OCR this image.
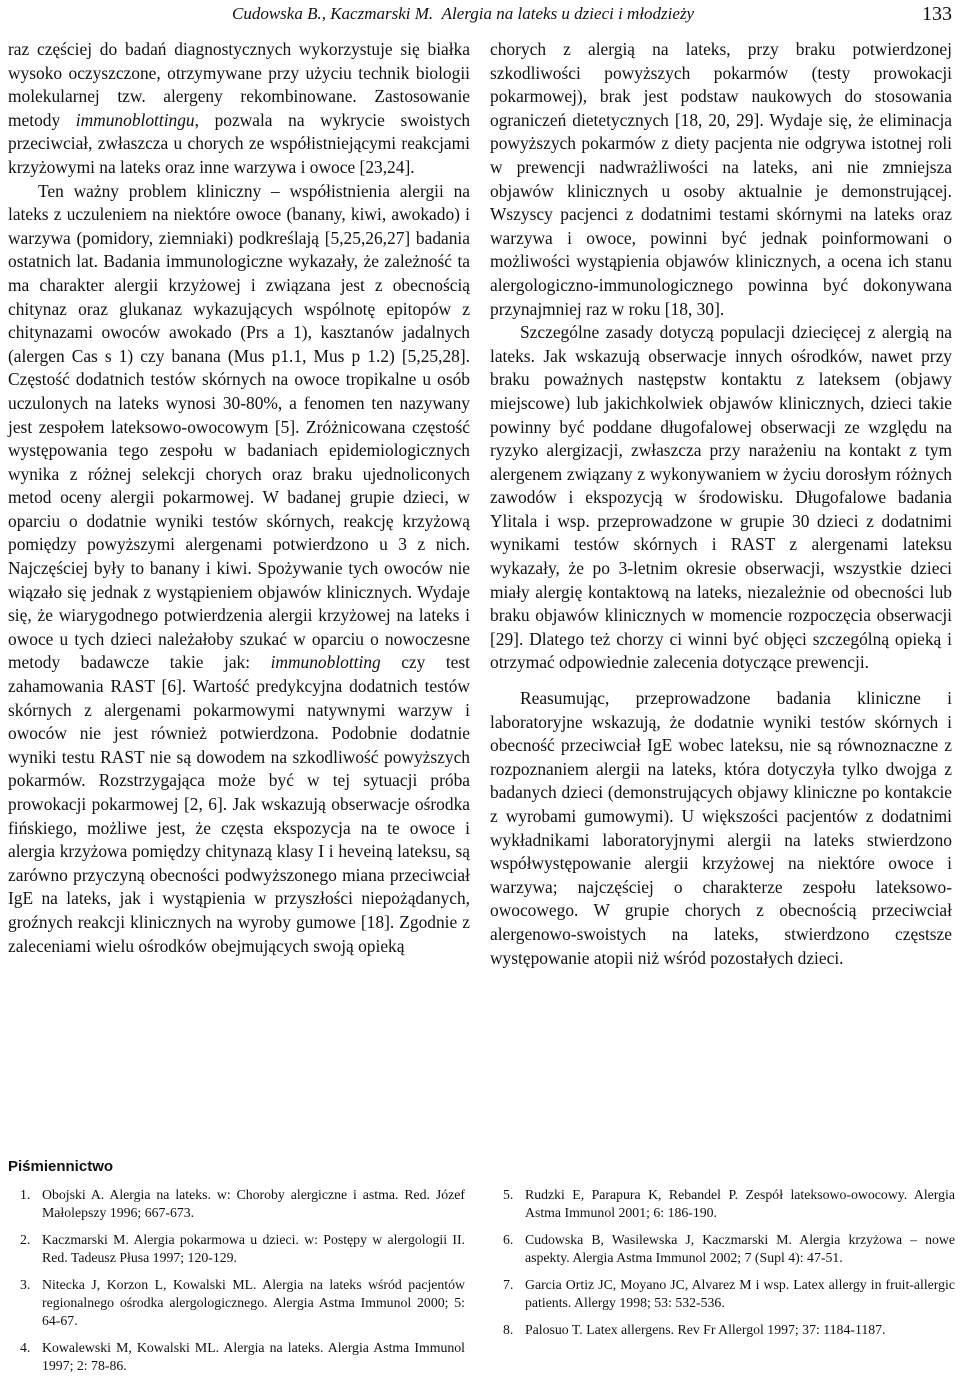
Cudowska B., Kaczmarski M. Alergia na lateks u dzieci i młodzieży	133

raz częściej do badań diagnostycznych wykorzystuje się białka wysoko oczyszczone, otrzymywane przy użyciu technik biologii molekularnej tzw. alergeny rekombinowane. Zastosowanie metody immunoblottingu, pozwala na wykrycie swoistych przeciwciał, zwłaszcza u chorych ze współistniejącymi reakcjami krzyżowymi na lateks oraz inne warzywa i owoce [23,24].

Ten ważny problem kliniczny – współistnienia alergii na lateks z uczuleniem na niektóre owoce (banany, kiwi, awokado) i warzywa (pomidory, ziemniaki) podkreślają [5,25,26,27] badania ostatnich lat. Badania immunologiczne wykazały, że zależność ta ma charakter alergii krzyżowej i związana jest z obecnością chitynaz oraz glukanaz wykazujących wspólnotę epitopów z chitynazami owoców awokado (Prs a 1), kasztanów jadalnych (alergen Cas s 1) czy banana (Mus p1.1, Mus p 1.2) [5,25,28]. Częstość dodatnich testów skórnych na owoce tropikalne u osób uczulonych na lateks wynosi 30-80%, a fenomen ten nazywany jest zespołem lateksowo-owocowym [5]. Zróżnicowana częstość występowania tego zespołu w badaniach epidemiologicznych wynika z różnej selekcji chorych oraz braku ujednoliconych metod oceny alergii pokarmowej. W badanej grupie dzieci, w oparciu o dodatnie wyniki testów skórnych, reakcję krzyżową pomiędzy powyższymi alergenami potwierdzono u 3 z nich. Najczęściej były to banany i kiwi. Spożywanie tych owoców nie wiązało się jednak z wystąpieniem objawów klinicznych. Wydaje się, że wiarygodnego potwierdzenia alergii krzyżowej na lateks i owoce u tych dzieci należałoby szukać w oparciu o nowoczesne metody badawcze takie jak: immunoblotting czy test zahamowania RAST [6]. Wartość predykcyjna dodatnich testów skórnych z alergenami pokarmowymi natywnymi warzyw i owoców nie jest również potwierdzona. Podobnie dodatnie wyniki testu RAST nie są dowodem na szkodliwość powyższych pokarmów. Rozstrzygająca może być w tej sytuacji próba prowokacji pokarmowej [2, 6]. Jak wskazują obserwacje ośrodka fińskiego, możliwe jest, że częsta ekspozycja na te owoce i alergia krzyżowa pomiędzy chitynazą klasy I i heveiną lateksu, są zarówno przyczyną obecności podwyższonego miana przeciwciał IgE na lateks, jak i wystąpienia w przyszłości niepożądanych, groźnych reakcji klinicznych na wyroby gumowe [18]. Zgodnie z zaleceniami wielu ośrodków obejmujących swoją opieką

chorych z alergią na lateks, przy braku potwierdzonej szkodliwości powyższych pokarmów (testy prowokacji pokarmowej), brak jest podstaw naukowych do stosowania ograniczeń dietetycznych [18, 20, 29]. Wydaje się, że eliminacja powyższych pokarmów z diety pacjenta nie odgrywa istotnej roli w prewencji nadwrażliwości na lateks, ani nie zmniejsza objawów klinicznych u osoby aktualnie je demonstrującej. Wszyscy pacjenci z dodatnimi testami skórnymi na lateks oraz warzywa i owoce, powinni być jednak poinformowani o możliwości wystąpienia objawów klinicznych, a ocena ich stanu alergologiczno-immunologicznego powinna być dokonywana przynajmniej raz w roku [18, 30].

Szczególne zasady dotyczą populacji dziecięcej z alergią na lateks. Jak wskazują obserwacje innych ośrodków, nawet przy braku poważnych następstw kontaktu z lateksem (objawy miejscowe) lub jakichkolwiek objawów klinicznych, dzieci takie powinny być poddane długofalowej obserwacji ze względu na ryzyko alergizacji, zwłaszcza przy narażeniu na kontakt z tym alergenem związany z wykonywaniem w życiu dorosłym różnych zawodów i ekspozycją w środowisku. Długofalowe badania Ylitala i wsp. przeprowadzone w grupie 30 dzieci z dodatnimi wynikami testów skórnych i RAST z alergenami lateksu wykazały, że po 3-letnim okresie obserwacji, wszystkie dzieci miały alergię kontaktową na lateks, niezależnie od obecności lub braku objawów klinicznych w momencie rozpoczęcia obserwacji [29]. Dlatego też chorzy ci winni być objęci szczególną opieką i otrzymać odpowiednie zalecenia dotyczące prewencji.

Reasumując, przeprowadzone badania kliniczne i laboratoryjne wskazują, że dodatnie wyniki testów skórnych i obecność przeciwciał IgE wobec lateksu, nie są równoznaczne z rozpoznaniem alergii na lateks, która dotyczyła tylko dwojga z badanych dzieci (demonstrujących objawy kliniczne po kontakcie z wyrobami gumowymi). U większości pacjentów z dodatnimi wykładnikami laboratoryjnymi alergii na lateks stwierdzono współwystępowanie alergii krzyżowej na niektóre owoce i warzywa; najczęściej o charakterze zespołu lateksowo-owocowego. W grupie chorych z obecnością przeciwciał alergenowo-swoistych na lateks, stwierdzono częstsze występowanie atopii niż wśród pozostałych dzieci.

Piśmiennictwo
1. Obojski A. Alergia na lateks. w: Choroby alergiczne i astma. Red. Józef Małolepszy 1996; 667-673.
2. Kaczmarski M. Alergia pokarmowa u dzieci. w: Postępy w alergologii II. Red. Tadeusz Płusa 1997; 120-129.
3. Nitecka J, Korzon L, Kowalski ML. Alergia na lateks wśród pacjentów regionalnego ośrodka alergologicznego. Alergia Astma Immunol 2000; 5: 64-67.
4. Kowalewski M, Kowalski ML. Alergia na lateks. Alergia Astma Immunol 1997; 2: 78-86.
5. Rudzki E, Parapura K, Rebandel P. Zespół lateksowo-owocowy. Alergia Astma Immunol 2001; 6: 186-190.
6. Cudowska B, Wasilewska J, Kaczmarski M. Alergia krzyżowa – nowe aspekty. Alergia Astma Immunol 2002; 7 (Supl 4): 47-51.
7. Garcia Ortiz JC, Moyano JC, Alvarez M i wsp. Latex allergy in fruit-allergic patients. Allergy 1998; 53: 532-536.
8. Palosuo T. Latex allergens. Rev Fr Allergol 1997; 37: 1184-1187.
